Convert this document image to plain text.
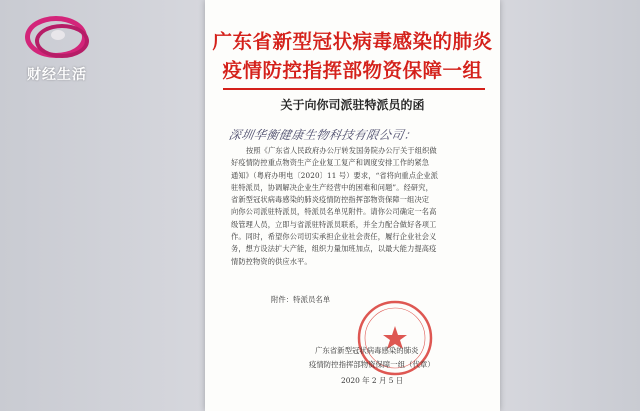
财经生活
广东省新型冠状病毒感染的肺炎
疫情防控指挥部物资保障一组
关于向你司派驻特派员的函
深圳华衡健康生物科技有限公司：
按照《广东省人民政府办公厅转发国务院办公厅关于组织做
好疫情防控重点物资生产企业复工复产和调度安排工作的紧急
通知》（粤府办明电〔2020〕11 号）要求，“省将向重点企业派
驻特派员，协调解决企业生产经营中的困难和问题”。经研究，
省新型冠状病毒感染的肺炎疫情防控指挥部物资保障一组决定
向你公司派驻特派员，特派员名单见附件。请你公司确定一名高
级管理人员，立即与省派驻特派员联系，并全力配合做好各项工
作。同时，希望你公司切实承担企业社会责任，履行企业社会义
务，想方设法扩大产能，组织力量加班加点，以最大能力提高疫
情防控物资的供应水平。
附件：特派员名单
广东省新型冠状病毒感染的肺炎
疫情防控指挥部物资保障一组（代章）
2020 年 2 月 5 日
